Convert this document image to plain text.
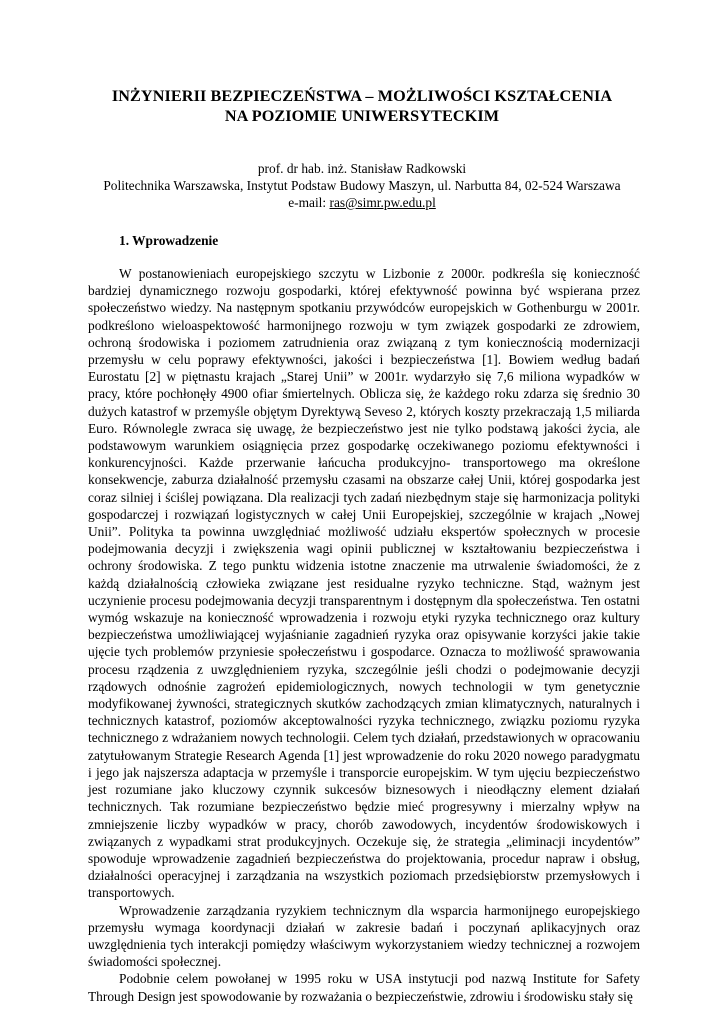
INŻYNIERII BEZPIECZEŃSTWA – MOŻLIWOŚCI KSZTAŁCENIA
NA POZIOMIE UNIWERSYTECKIM
prof. dr hab. inż. Stanisław Radkowski
Politechnika Warszawska, Instytut Podstaw Budowy Maszyn, ul. Narbutta 84, 02-524 Warszawa
e-mail: ras@simr.pw.edu.pl
1. Wprowadzenie

W postanowieniach europejskiego szczytu w Lizbonie z 2000r. podkreśla się konieczność bardziej dynamicznego rozwoju gospodarki, której efektywność powinna być wspierana przez społeczeństwo wiedzy. Na następnym spotkaniu przywódców europejskich w Gothenburgu w 2001r. podkreślono wieloaspektowość harmonijnego rozwoju w tym związek gospodarki ze zdrowiem, ochroną środowiska i poziomem zatrudnienia oraz związaną z tym koniecznością modernizacji przemysłu w celu poprawy efektywności, jakości i bezpieczeństwa [1]. Bowiem według badań Eurostatu [2] w piętnastu krajach „Starej Unii” w 2001r. wydarzyło się 7,6 miliona wypadków w pracy, które pochłonęły 4900 ofiar śmiertelnych. Oblicza się, że każdego roku zdarza się średnio 30 dużych katastrof w przemyśle objętym Dyrektywą Seveso 2, których koszty przekraczają 1,5 miliarda Euro. Równolegle zwraca się uwagę, że bezpieczeństwo jest nie tylko podstawą jakości życia, ale podstawowym warunkiem osiągnięcia przez gospodarkę oczekiwanego poziomu efektywności i konkurencyjności. Każde przerwanie łańcucha produkcyjno- transportowego ma określone konsekwencje, zaburza działalność przemysłu czasami na obszarze całej Unii, której gospodarka jest coraz silniej i ściślej powiązana. Dla realizacji tych zadań niezbędnym staje się harmonizacja polityki gospodarczej i rozwiązań logistycznych w całej Unii Europejskiej, szczególnie w krajach „Nowej Unii”. Polityka ta powinna uwzględniać możliwość udziału ekspertów społecznych w procesie podejmowania decyzji i zwiększenia wagi opinii publicznej w kształtowaniu bezpieczeństwa i ochrony środowiska. Z tego punktu widzenia istotne znaczenie ma utrwalenie świadomości, że z każdą działalnością człowieka związane jest residualne ryzyko techniczne. Stąd, ważnym jest uczynienie procesu podejmowania decyzji transparentnym i dostępnym dla społeczeństwa. Ten ostatni wymóg wskazuje na konieczność wprowadzenia i rozwoju etyki ryzyka technicznego oraz kultury bezpieczeństwa umożliwiającej wyjaśnianie zagadnień ryzyka oraz opisywanie korzyści jakie takie ujęcie tych problemów przyniesie społeczeństwu i gospodarce. Oznacza to możliwość sprawowania procesu rządzenia z uwzględnieniem ryzyka, szczególnie jeśli chodzi o podejmowanie decyzji rządowych odnośnie zagrożeń epidemiologicznych, nowych technologii w tym genetycznie modyfikowanej żywności, strategicznych skutków zachodzących zmian klimatycznych, naturalnych i technicznych katastrof, poziomów akceptowalności ryzyka technicznego, związku poziomu ryzyka technicznego z wdrażaniem nowych technologii. Celem tych działań, przedstawionych w opracowaniu zatytułowanym Strategie Research Agenda [1] jest wprowadzenie do roku 2020 nowego paradygmatu i jego jak najszersza adaptacja w przemyśle i transporcie europejskim. W tym ujęciu bezpieczeństwo jest rozumiane jako kluczowy czynnik sukcesów biznesowych i nieodłączny element działań technicznych. Tak rozumiane bezpieczeństwo będzie mieć progresywny i mierzalny wpływ na zmniejszenie liczby wypadków w pracy, chorób zawodowych, incydentów środowiskowych i związanych z wypadkami strat produkcyjnych. Oczekuje się, że strategia „eliminacji incydentów” spowoduje wprowadzenie zagadnień bezpieczeństwa do projektowania, procedur napraw i obsług, działalności operacyjnej i zarządzania na wszystkich poziomach przedsiębiorstw przemysłowych i transportowych.

Wprowadzenie zarządzania ryzykiem technicznym dla wsparcia harmonijnego europejskiego przemysłu wymaga koordynacji działań w zakresie badań i poczynań aplikacyjnych oraz uwzględnienia tych interakcji pomiędzy właściwym wykorzystaniem wiedzy technicznej a rozwojem świadomości społecznej.

Podobnie celem powołanej w 1995 roku w USA instytucji pod nazwą Institute for Safety Through Design jest spowodowanie by rozważania o bezpieczeństwie, zdrowiu i środowisku stały się
